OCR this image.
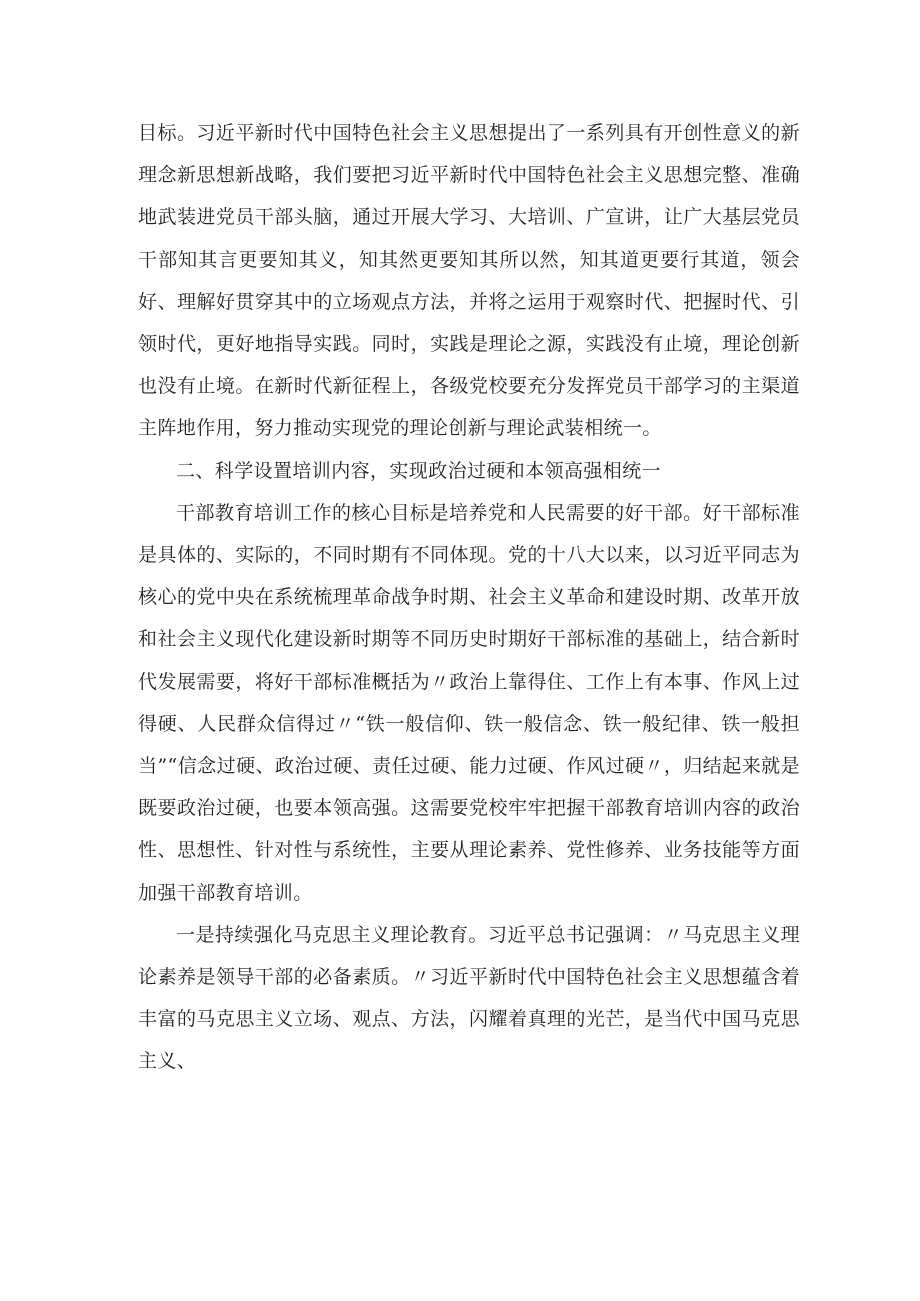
目标。习近平新时代中国特色社会主义思想提出了一系列具有开创性意义的新理念新思想新战略，我们要把习近平新时代中国特色社会主义思想完整、准确地武装进党员干部头脑，通过开展大学习、大培训、广宣讲，让广大基层党员干部知其言更要知其义，知其然更要知其所以然，知其道更要行其道，领会好、理解好贯穿其中的立场观点方法，并将之运用于观察时代、把握时代、引领时代，更好地指导实践。同时，实践是理论之源，实践没有止境，理论创新也没有止境。在新时代新征程上，各级党校要充分发挥党员干部学习的主渠道主阵地作用，努力推动实现党的理论创新与理论武装相统一。

二、科学设置培训内容，实现政治过硬和本领高强相统一

干部教育培训工作的核心目标是培养党和人民需要的好干部。好干部标准是具体的、实际的，不同时期有不同体现。党的十八大以来，以习近平同志为核心的党中央在系统梳理革命战争时期、社会主义革命和建设时期、改革开放和社会主义现代化建设新时期等不同历史时期好干部标准的基础上，结合新时代发展需要，将好干部标准概括为〃政治上靠得住、工作上有本事、作风上过得硬、人民群众信得过〃“铁一般信仰、铁一般信念、铁一般纪律、铁一般担当”“信念过硬、政治过硬、责任过硬、能力过硬、作风过硬〃，归结起来就是既要政治过硬，也要本领高强。这需要党校牢牢把握干部教育培训内容的政治性、思想性、针对性与系统性，主要从理论素养、党性修养、业务技能等方面加强干部教育培训。

一是持续强化马克思主义理论教育。习近平总书记强调：〃马克思主义理论素养是领导干部的必备素质。〃习近平新时代中国特色社会主义思想蕴含着丰富的马克思主义立场、观点、方法，闪耀着真理的光芒，是当代中国马克思主义、
